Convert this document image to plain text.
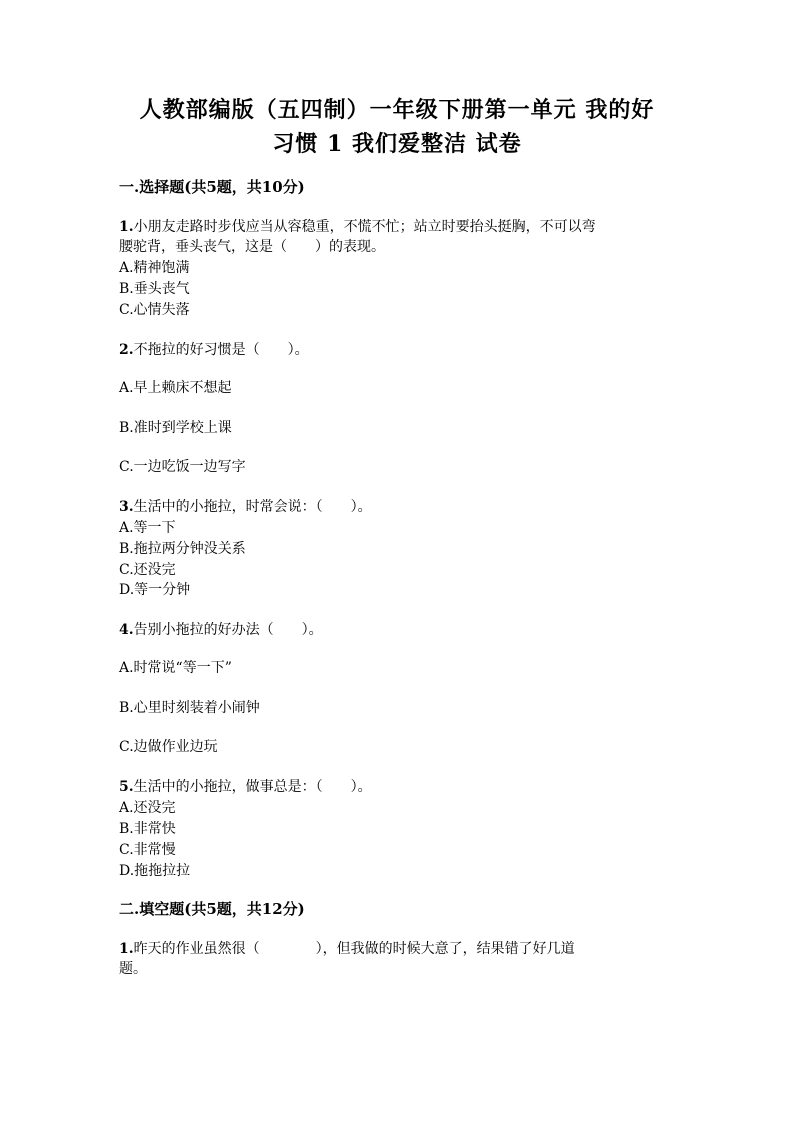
人教部编版（五四制）一年级下册第一单元 我的好
习惯 1 我们爱整洁 试卷
一.选择题(共5题，共10分)
1.小朋友走路时步伐应当从容稳重，不慌不忙；站立时要抬头挺胸，不可以弯
腰驼背，垂头丧气，这是（　　）的表现。
A.精神饱满
B.垂头丧气
C.心情失落
2.不拖拉的好习惯是（　　）。
A.早上赖床不想起
B.准时到学校上课
C.一边吃饭一边写字
3.生活中的小拖拉，时常会说：（　　）。
A.等一下
B.拖拉两分钟没关系
C.还没完
D.等一分钟
4.告别小拖拉的好办法（　　）。
A.时常说“等一下”
B.心里时刻装着小闹钟
C.边做作业边玩
5.生活中的小拖拉，做事总是：（　　）。
A.还没完
B.非常快
C.非常慢
D.拖拖拉拉
二.填空题(共5题，共12分)
1.昨天的作业虽然很（　　　　），但我做的时候大意了，结果错了好几道
题。
